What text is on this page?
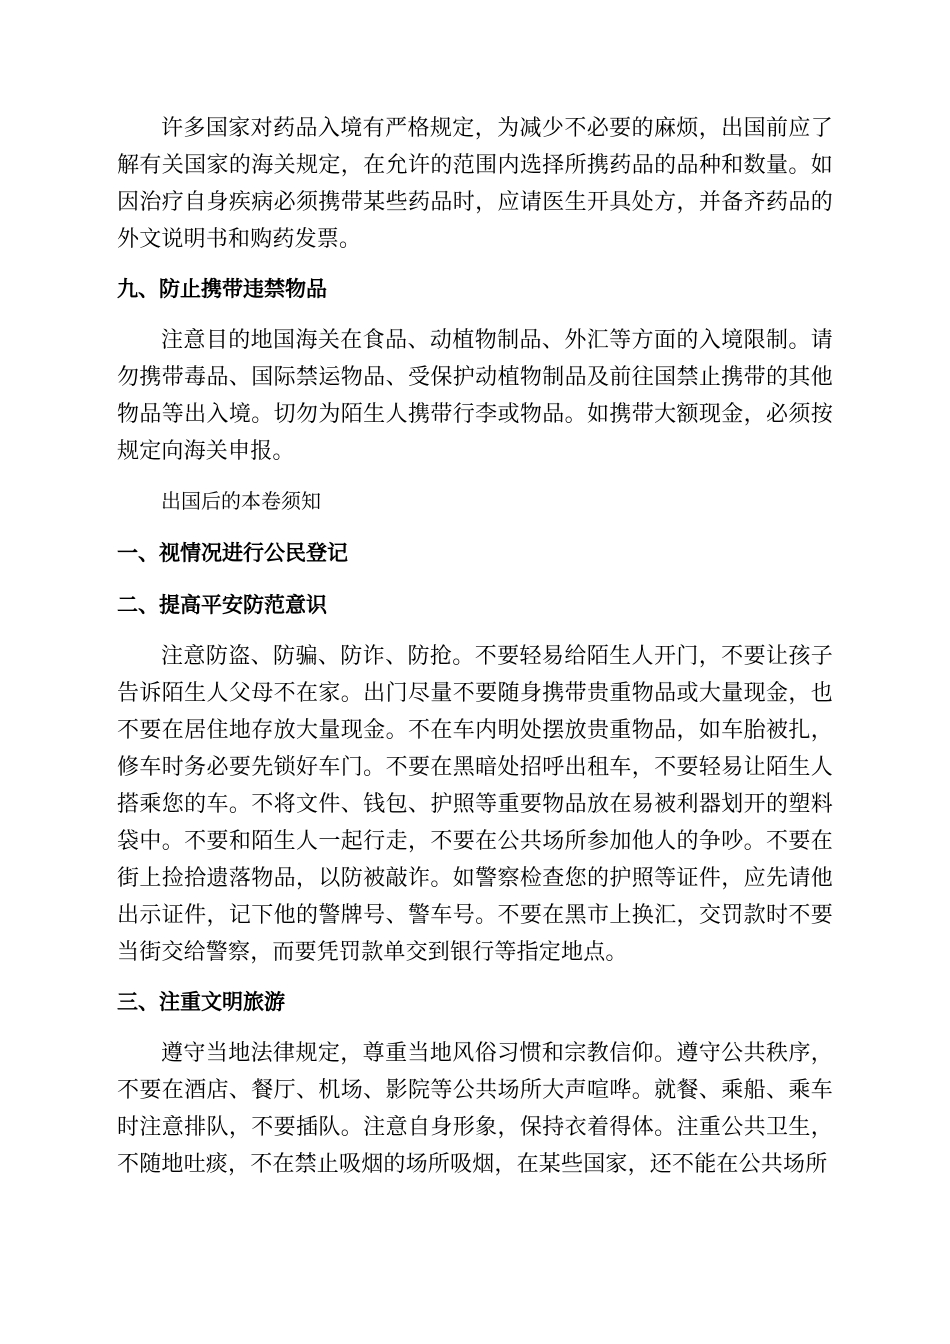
许多国家对药品入境有严格规定，为减少不必要的麻烦，出国前应了解有关国家的海关规定，在允许的范围内选择所携药品的品种和数量。如因治疗自身疾病必须携带某些药品时，应请医生开具处方，并备齐药品的外文说明书和购药发票。

九、防止携带违禁物品

注意目的地国海关在食品、动植物制品、外汇等方面的入境限制。请勿携带毒品、国际禁运物品、受保护动植物制品及前往国禁止携带的其他物品等出入境。切勿为陌生人携带行李或物品。如携带大额现金，必须按规定向海关申报。

出国后的本卷须知

一、视情况进行公民登记

二、提高平安防范意识

注意防盗、防骗、防诈、防抢。不要轻易给陌生人开门，不要让孩子告诉陌生人父母不在家。出门尽量不要随身携带贵重物品或大量现金，也不要在居住地存放大量现金。不在车内明处摆放贵重物品，如车胎被扎，修车时务必要先锁好车门。不要在黑暗处招呼出租车，不要轻易让陌生人搭乘您的车。不将文件、钱包、护照等重要物品放在易被利器划开的塑料袋中。不要和陌生人一起行走，不要在公共场所参加他人的争吵。不要在街上捡拾遗落物品，以防被敲诈。如警察检查您的护照等证件，应先请他出示证件，记下他的警牌号、警车号。不要在黑市上换汇，交罚款时不要当街交给警察，而要凭罚款单交到银行等指定地点。

三、注重文明旅游

遵守当地法律规定，尊重当地风俗习惯和宗教信仰。遵守公共秩序，不要在酒店、餐厅、机场、影院等公共场所大声喧哗。就餐、乘船、乘车时注意排队，不要插队。注意自身形象，保持衣着得体。注重公共卫生，不随地吐痰，不在禁止吸烟的场所吸烟，在某些国家，还不能在公共场所
